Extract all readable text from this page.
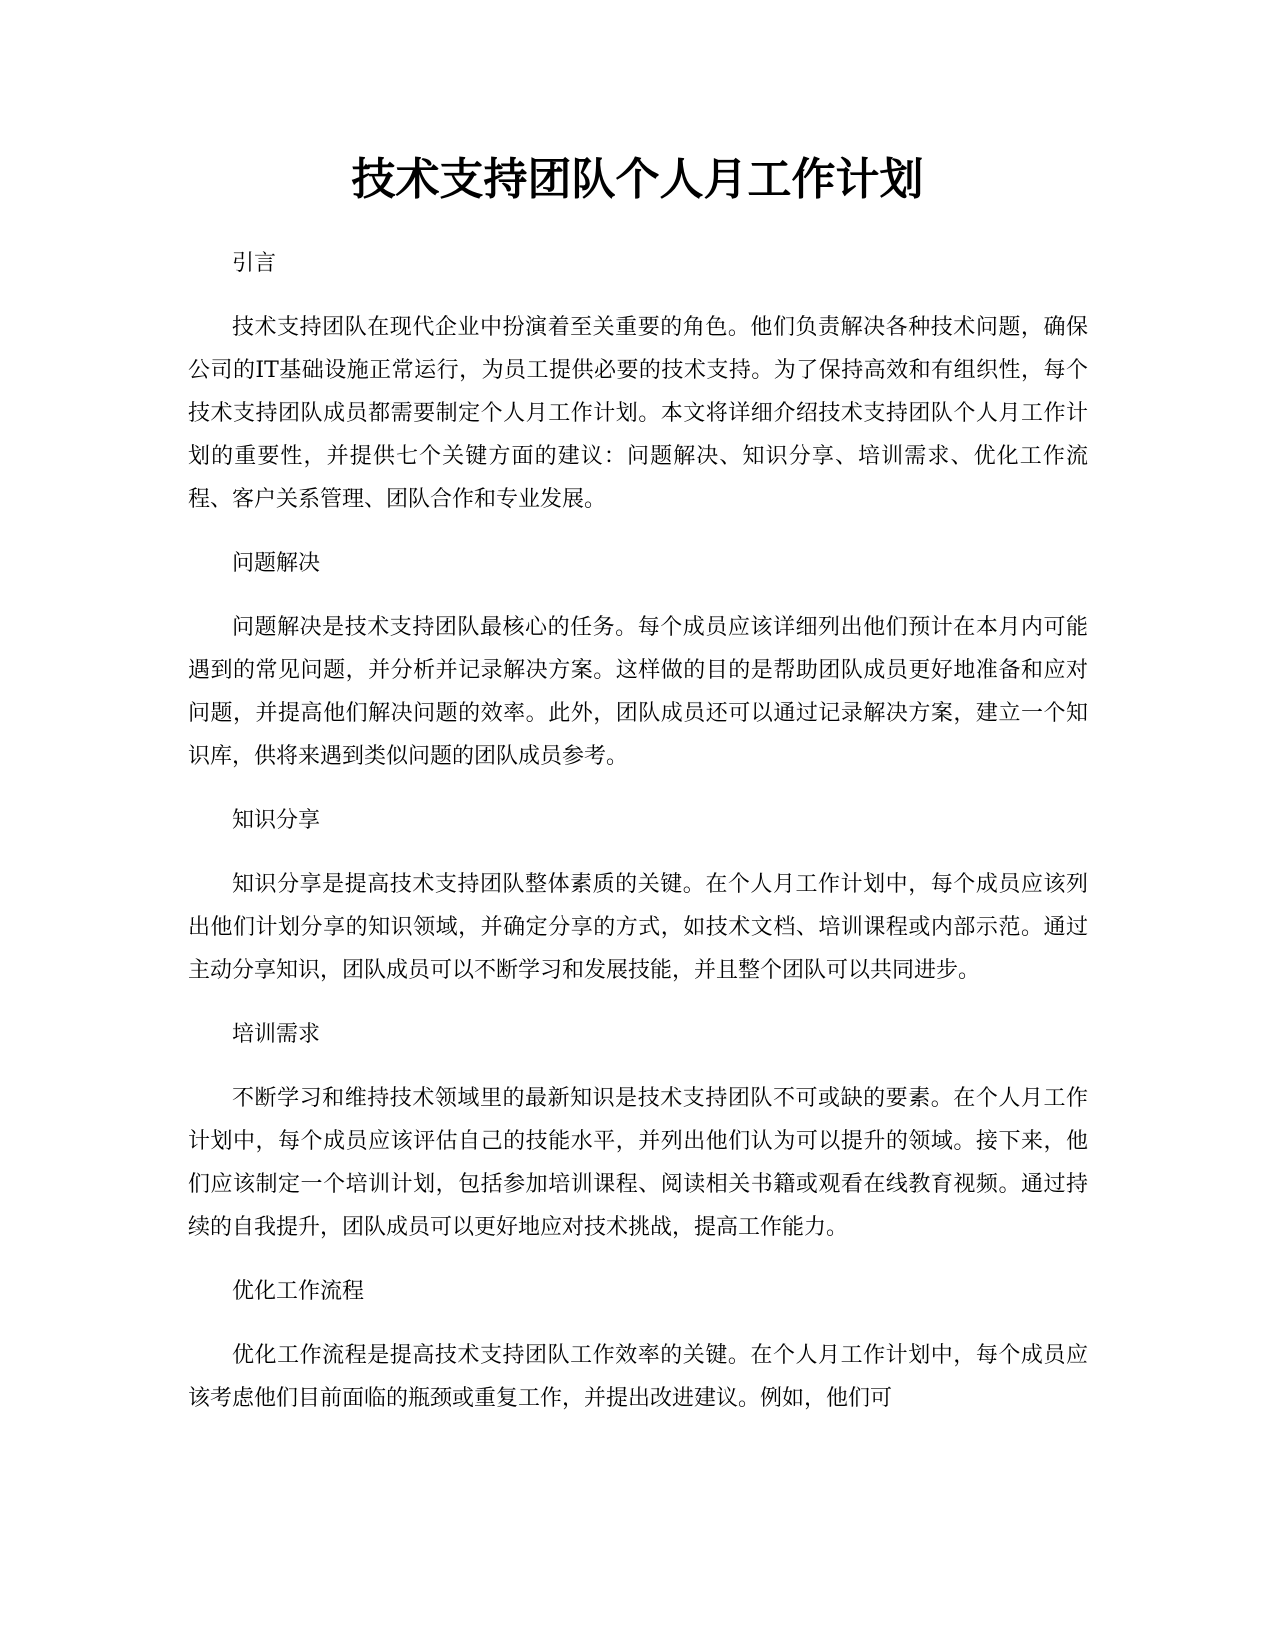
技术支持团队个人月工作计划

引言

技术支持团队在现代企业中扮演着至关重要的角色。他们负责解决各种技术问题，确保公司的IT基础设施正常运行，为员工提供必要的技术支持。为了保持高效和有组织性，每个技术支持团队成员都需要制定个人月工作计划。本文将详细介绍技术支持团队个人月工作计划的重要性，并提供七个关键方面的建议：问题解决、知识分享、培训需求、优化工作流程、客户关系管理、团队合作和专业发展。

问题解决

问题解决是技术支持团队最核心的任务。每个成员应该详细列出他们预计在本月内可能遇到的常见问题，并分析并记录解决方案。这样做的目的是帮助团队成员更好地准备和应对问题，并提高他们解决问题的效率。此外，团队成员还可以通过记录解决方案，建立一个知识库，供将来遇到类似问题的团队成员参考。

知识分享

知识分享是提高技术支持团队整体素质的关键。在个人月工作计划中，每个成员应该列出他们计划分享的知识领域，并确定分享的方式，如技术文档、培训课程或内部示范。通过主动分享知识，团队成员可以不断学习和发展技能，并且整个团队可以共同进步。

培训需求

不断学习和维持技术领域里的最新知识是技术支持团队不可或缺的要素。在个人月工作计划中，每个成员应该评估自己的技能水平，并列出他们认为可以提升的领域。接下来，他们应该制定一个培训计划，包括参加培训课程、阅读相关书籍或观看在线教育视频。通过持续的自我提升，团队成员可以更好地应对技术挑战，提高工作能力。

优化工作流程

优化工作流程是提高技术支持团队工作效率的关键。在个人月工作计划中，每个成员应该考虑他们目前面临的瓶颈或重复工作，并提出改进建议。例如，他们可
